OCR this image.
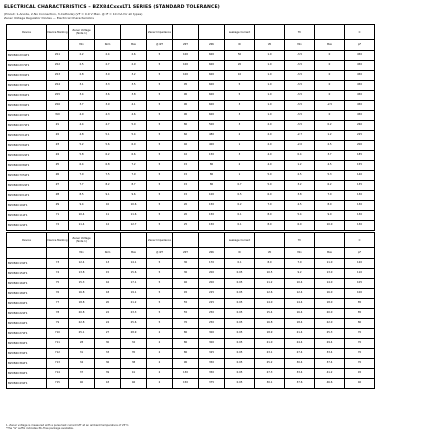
ELECTRICAL CHARACTERISTICS – BZX84CxxxLT1 SERIES (STANDARD TOLERANCE)
(Pinout: 1-Anode, 2-No Connection, 3-Cathode) (VF = 0.9 V Max. @ IF = 10 mA for all types)
Zener Voltage Regulator Diodes — Electrical Characteristics
Device	Device Marking	Zener Voltage (Note 1)			Zener Impedance			Leakage Current		TC		C
		Min	Nom	Max	@ IZT	ZZT	ZZK	IR	VR	Min	Max	pF
BZX84C2V4LT1	Z11	2.2	2.4	2.6	5	100	600	50	1.0	-3.5	0	450
BZX84C2V7LT1	Z12	2.5	2.7	2.9	5	100	600	20	1.0	-3.5	0	450
BZX84C3V0LT1	Z13	2.8	3.0	3.2	5	100	600	10	1.0	-3.5	0	450
BZX84C3V3LT1	Z14	3.1	3.3	3.5	5	95	600	5	1.0	-3.5	0	450
BZX84C3V6LT1	Z15	3.4	3.6	3.8	5	90	600	5	1.0	-3.5	0	450
BZX84C3V9LT1	Z16	3.7	3.9	4.1	5	90	600	3	1.0	-3.5	-2.5	450
BZX84C4V3LT1	W9	4.0	4.3	4.6	5	90	600	3	1.0	-3.5	0	450
BZX84C4V7LT1	Z1	4.4	4.7	5.0	5	80	500	3	2.0	-3.5	0.2	260
BZX84C5V1LT1	Z2	4.8	5.1	5.4	5	60	480	2	2.0	-2.7	1.2	225
BZX84C5V6LT1	Z3	5.2	5.6	6.0	5	40	400	1	2.0	-2.0	2.5	200
BZX84C6V2LT1	Z4	5.8	6.2	6.6	5	10	150	3	4.0	0.4	3.7	185
BZX84C6V8LT1	Z5	6.4	6.8	7.2	5	15	80	2	4.0	1.2	4.5	155
BZX84C7V5LT1	Z6	7.0	7.5	7.9	5	15	80	1	5.0	2.5	5.3	140
BZX84C8V2LT1	Z7	7.7	8.2	8.7	5	15	80	0.7	5.0	3.2	6.2	135
BZX84C9V1LT1	Z8	8.5	9.1	9.6	5	15	100	0.5	6.0	3.8	7.0	130
BZX84C10LT1	Z9	9.4	10	10.6	5	20	150	0.2	7.0	4.5	8.0	130
BZX84C11LT1	Y1	10.4	11	11.6	5	20	150	0.1	8.0	5.4	9.0	130
BZX84C12LT1	Y2	11.4	12	12.7	5	25	150	0.1	8.0	6.0	10.0	130
Device	Device Marking	Zener Voltage (Note 1)			Zener Impedance			Leakage Current		TC		C
		Min	Nom	Max	@ IZT	ZZT	ZZK	IR	VR	Min	Max	pF
BZX84C13LT1	Y3	12.4	13	14.1	5	30	170	0.1	8.0	7.0	11.0	120
BZX84C15LT1	Y4	13.8	15	15.6	5	30	200	0.05	10.5	9.2	13.0	110
BZX84C16LT1	Y5	15.3	16	17.1	5	40	200	0.05	11.2	10.4	14.0	105
BZX84C18LT1	Y6	16.8	18	19.1	5	45	225	0.05	12.6	12.4	16.0	100
BZX84C20LT1	Y7	18.8	20	21.2	5	55	225	0.05	14.0	14.4	18.0	85
BZX84C22LT1	Y8	20.8	22	23.3	5	55	250	0.05	15.4	16.4	20.0	85
BZX84C24LT1	Y9	22.8	24	25.6	5	70	250	0.05	16.8	18.4	22.0	80
BZX84C27LT1	Y10	25.1	27	28.9	2	80	300	0.05	18.9	21.4	25.3	70
BZX84C30LT1	Y11	28	30	32	2	80	300	0.05	21.0	24.4	29.4	70
BZX84C33LT1	Y12	31	33	35	2	80	325	0.05	23.1	27.4	33.4	70
BZX84C36LT1	Y13	34	36	38	2	90	350	0.05	25.2	30.4	37.4	70
BZX84C39LT1	Y14	37	39	41	2	130	350	0.05	27.3	33.4	41.2	45
BZX84C43LT1	Y15	40	43	46	2	150	375	0.05	30.1	37.6	46.6	40
1. Zener voltage is measured with a pulse test current IZT at an ambient temperature of 25°C.
*The "G" suffix indicates Pb–Free package available.
